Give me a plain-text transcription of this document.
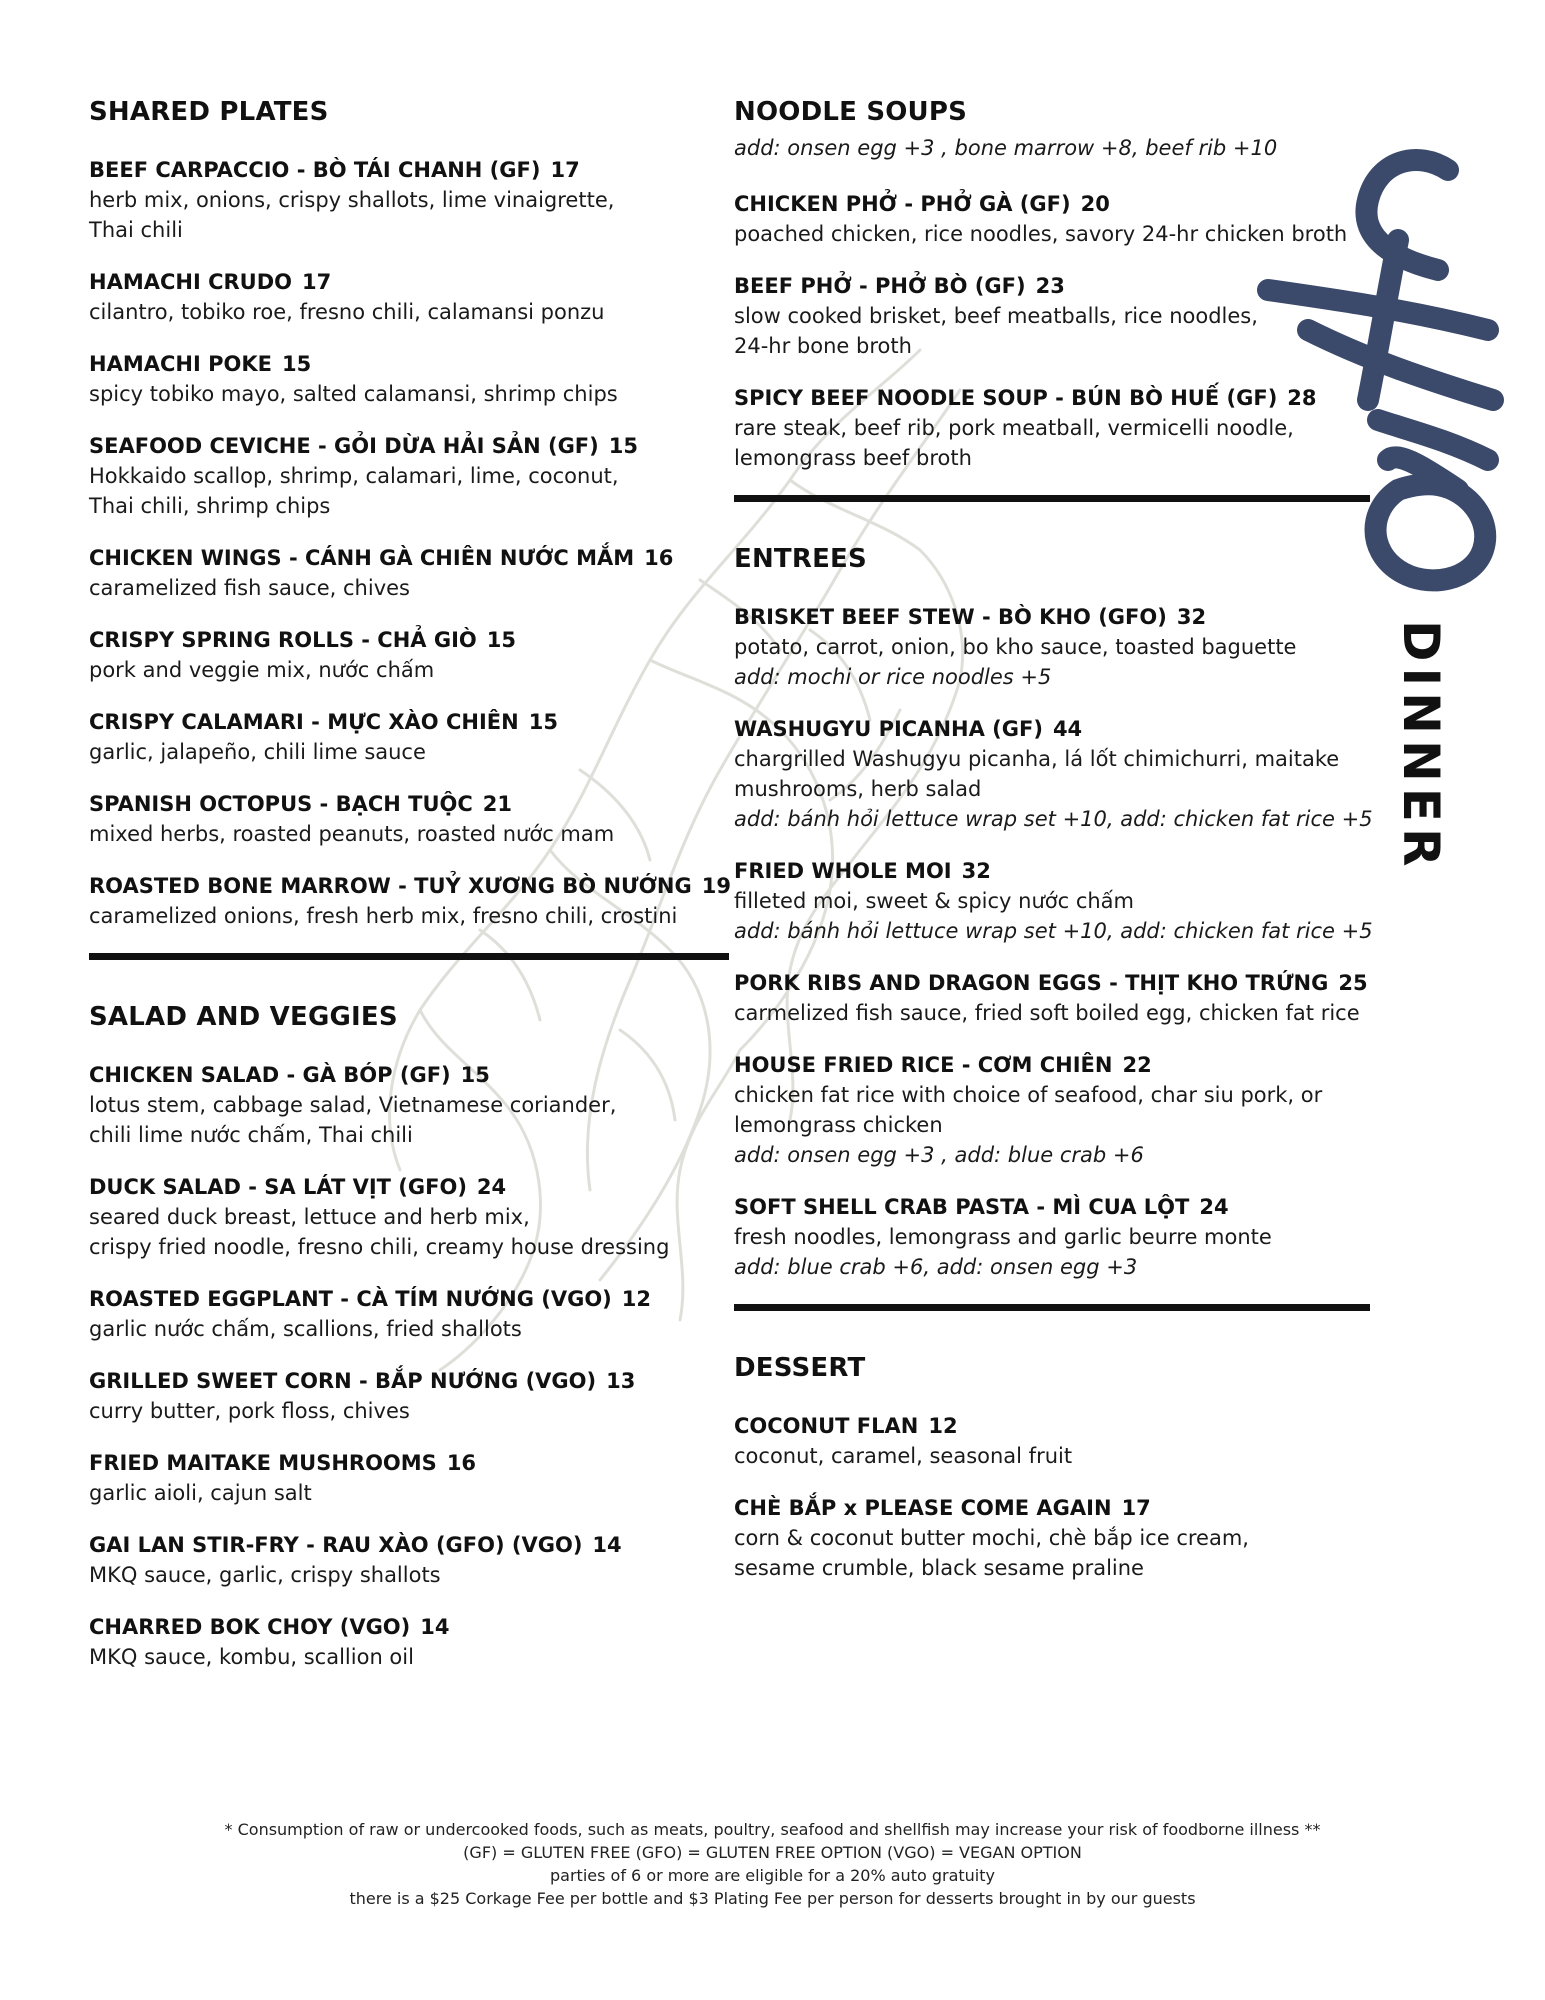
DINNER
SHARED PLATES
BEEF CARPACCIO - BÒ TÁI CHANH (GF) 17
herb mix, onions, crispy shallots, lime vinaigrette,
Thai chili
HAMACHI CRUDO 17
cilantro, tobiko roe, fresno chili, calamansi ponzu
HAMACHI POKE 15
spicy tobiko mayo, salted calamansi, shrimp chips
SEAFOOD CEVICHE - GỎI DỪA HẢI SẢN (GF) 15
Hokkaido scallop, shrimp, calamari, lime, coconut,
Thai chili, shrimp chips
CHICKEN WINGS - CÁNH GÀ CHIÊN NƯỚC MẮM 16
caramelized fish sauce, chives
CRISPY SPRING ROLLS - CHẢ GIÒ 15
pork and veggie mix, nước chấm
CRISPY CALAMARI - MỰC XÀO CHIÊN 15
garlic, jalapeño, chili lime sauce
SPANISH OCTOPUS - BẠCH TUỘC 21
mixed herbs, roasted peanuts, roasted nước mam
ROASTED BONE MARROW - TUỶ XƯƠNG BÒ NƯỚNG 19
caramelized onions, fresh herb mix, fresno chili, crostini
SALAD AND VEGGIES
CHICKEN SALAD - GÀ BÓP (GF) 15
lotus stem, cabbage salad, Vietnamese coriander,
chili lime nước chấm, Thai chili
DUCK SALAD - SA LÁT VỊT (GFO) 24
seared duck breast, lettuce and herb mix,
crispy fried noodle, fresno chili, creamy house dressing
ROASTED EGGPLANT - CÀ TÍM NƯỚNG (VGO) 12
garlic nước chấm, scallions, fried shallots
GRILLED SWEET CORN - BẮP NƯỚNG (VGO) 13
curry butter, pork floss, chives
FRIED MAITAKE MUSHROOMS 16
garlic aioli, cajun salt
GAI LAN STIR-FRY - RAU XÀO (GFO) (VGO) 14
MKQ sauce, garlic, crispy shallots
CHARRED BOK CHOY (VGO) 14
MKQ sauce, kombu, scallion oil
NOODLE SOUPS
add: onsen egg +3 , bone marrow +8, beef rib +10
CHICKEN PHỞ - PHỞ GÀ (GF) 20
poached chicken, rice noodles, savory 24-hr chicken broth
BEEF PHỞ - PHỞ BÒ (GF) 23
slow cooked brisket, beef meatballs, rice noodles,
24-hr bone broth
SPICY BEEF NOODLE SOUP - BÚN BÒ HUẾ (GF) 28
rare steak, beef rib, pork meatball, vermicelli noodle,
lemongrass beef broth
ENTREES
BRISKET BEEF STEW - BÒ KHO (GFO) 32
potato, carrot, onion, bo kho sauce, toasted baguette
add: mochi or rice noodles +5
WASHUGYU PICANHA (GF) 44
chargrilled Washugyu picanha, lá lốt chimichurri, maitake
mushrooms, herb salad
add: bánh hỏi lettuce wrap set +10, add: chicken fat rice +5
FRIED WHOLE MOI 32
filleted moi, sweet & spicy nước chấm
add: bánh hỏi lettuce wrap set +10, add: chicken fat rice +5
PORK RIBS AND DRAGON EGGS - THỊT KHO TRỨNG 25
carmelized fish sauce, fried soft boiled egg, chicken fat rice
HOUSE FRIED RICE - CƠM CHIÊN 22
chicken fat rice with choice of seafood, char siu pork, or
lemongrass chicken
add: onsen egg +3 , add: blue crab +6
SOFT SHELL CRAB PASTA - MÌ CUA LỘT 24
fresh noodles, lemongrass and garlic beurre monte
add: blue crab +6, add: onsen egg +3
DESSERT
COCONUT FLAN 12
coconut, caramel, seasonal fruit
CHÈ BẮP x PLEASE COME AGAIN 17
corn & coconut butter mochi, chè bắp ice cream,
sesame crumble, black sesame praline
* Consumption of raw or undercooked foods, such as meats, poultry, seafood and shellfish may increase your risk of foodborne illness **
(GF) = GLUTEN FREE (GFO) = GLUTEN FREE OPTION (VGO) = VEGAN OPTION
parties of 6 or more are eligible for a 20% auto gratuity
there is a $25 Corkage Fee per bottle and $3 Plating Fee per person for desserts brought in by our guests
